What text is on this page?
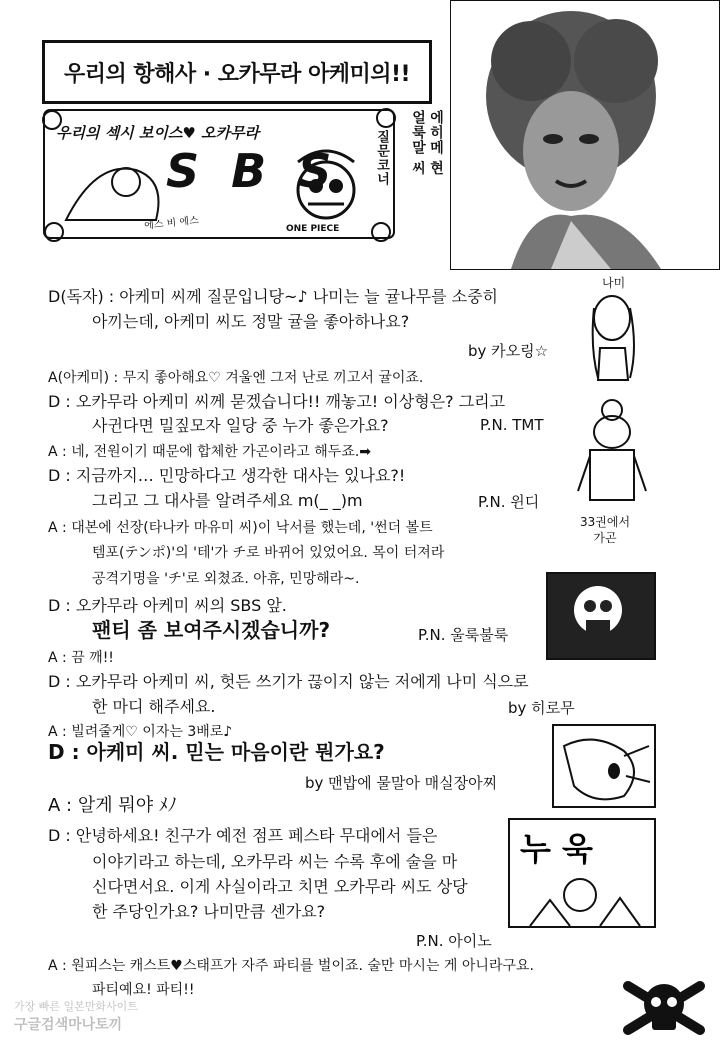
우리의 항해사 · 오카무라 아케미의!!
우리의 섹시 보이스♥ 오카무라
S B S	질문코너
에스 비 에스	ONE PIECE
에히메 현
얼룩말 씨
D(독자) : 아케미 씨께 질문입니당~♪ 나미는 늘 귤나무를 소중히
아끼는데, 아케미 씨도 정말 귤을 좋아하나요?
by 카오링☆
A(아케미) : 무지 좋아해요♡ 겨울엔 그저 난로 끼고서 귤이죠.
D : 오카무라 아케미 씨께 묻겠습니다!! 깨놓고! 이상형은? 그리고
사귄다면 밀짚모자 일당 중 누가 좋은가요?	P.N. TMT
A : 네, 전원이기 때문에 합체한 가곤이라고 해두죠.➡
D : 지금까지… 민망하다고 생각한 대사는 있나요?!
그리고 그 대사를 알려주세요 m(_ _)m	P.N. 윈디
A : 대본에 선장(타나카 마유미 씨)이 낙서를 했는데, '썬더 볼트
템포(テンポ)'의 '테'가 チ로 바뀌어 있었어요. 목이 터져라
공격기명을 'チ'로 외쳤죠. 아휴, 민망해라~.
D : 오카무라 아케미 씨의 SBS 앞.
팬티 좀 보여주시겠습니까?	P.N. 울룩불룩
A : 끔 깨!!
D : 오카무라 아케미 씨, 헛든 쓰기가 끊이지 않는 저에게 나미 식으로
한 마디 해주세요.	by 히로무
A : 빌려줄게♡ 이자는 3배로♪
D : 아케미 씨. 믿는 마음이란 뭔가요?
by 맨밥에 물말아 매실장아찌
A : 알게 뭐야 ﾒﾉ
D : 안녕하세요! 친구가 예전 점프 페스타 무대에서 들은
이야기라고 하는데, 오카무라 씨는 수록 후에 술을 마
신다면서요. 이게 사실이라고 치면 오카무라 씨도 상당
한 주당인가요? 나미만큼 센가요?
P.N. 아이노
A : 원피스는 캐스트♥스태프가 자주 파티를 벌이죠. 술만 마시는 게 아니라구요.
파티예요! 파티!!
나미
33권에서
가곤
누 욱
가장 빠른 일본만화사이트
구글검색마나토끼
